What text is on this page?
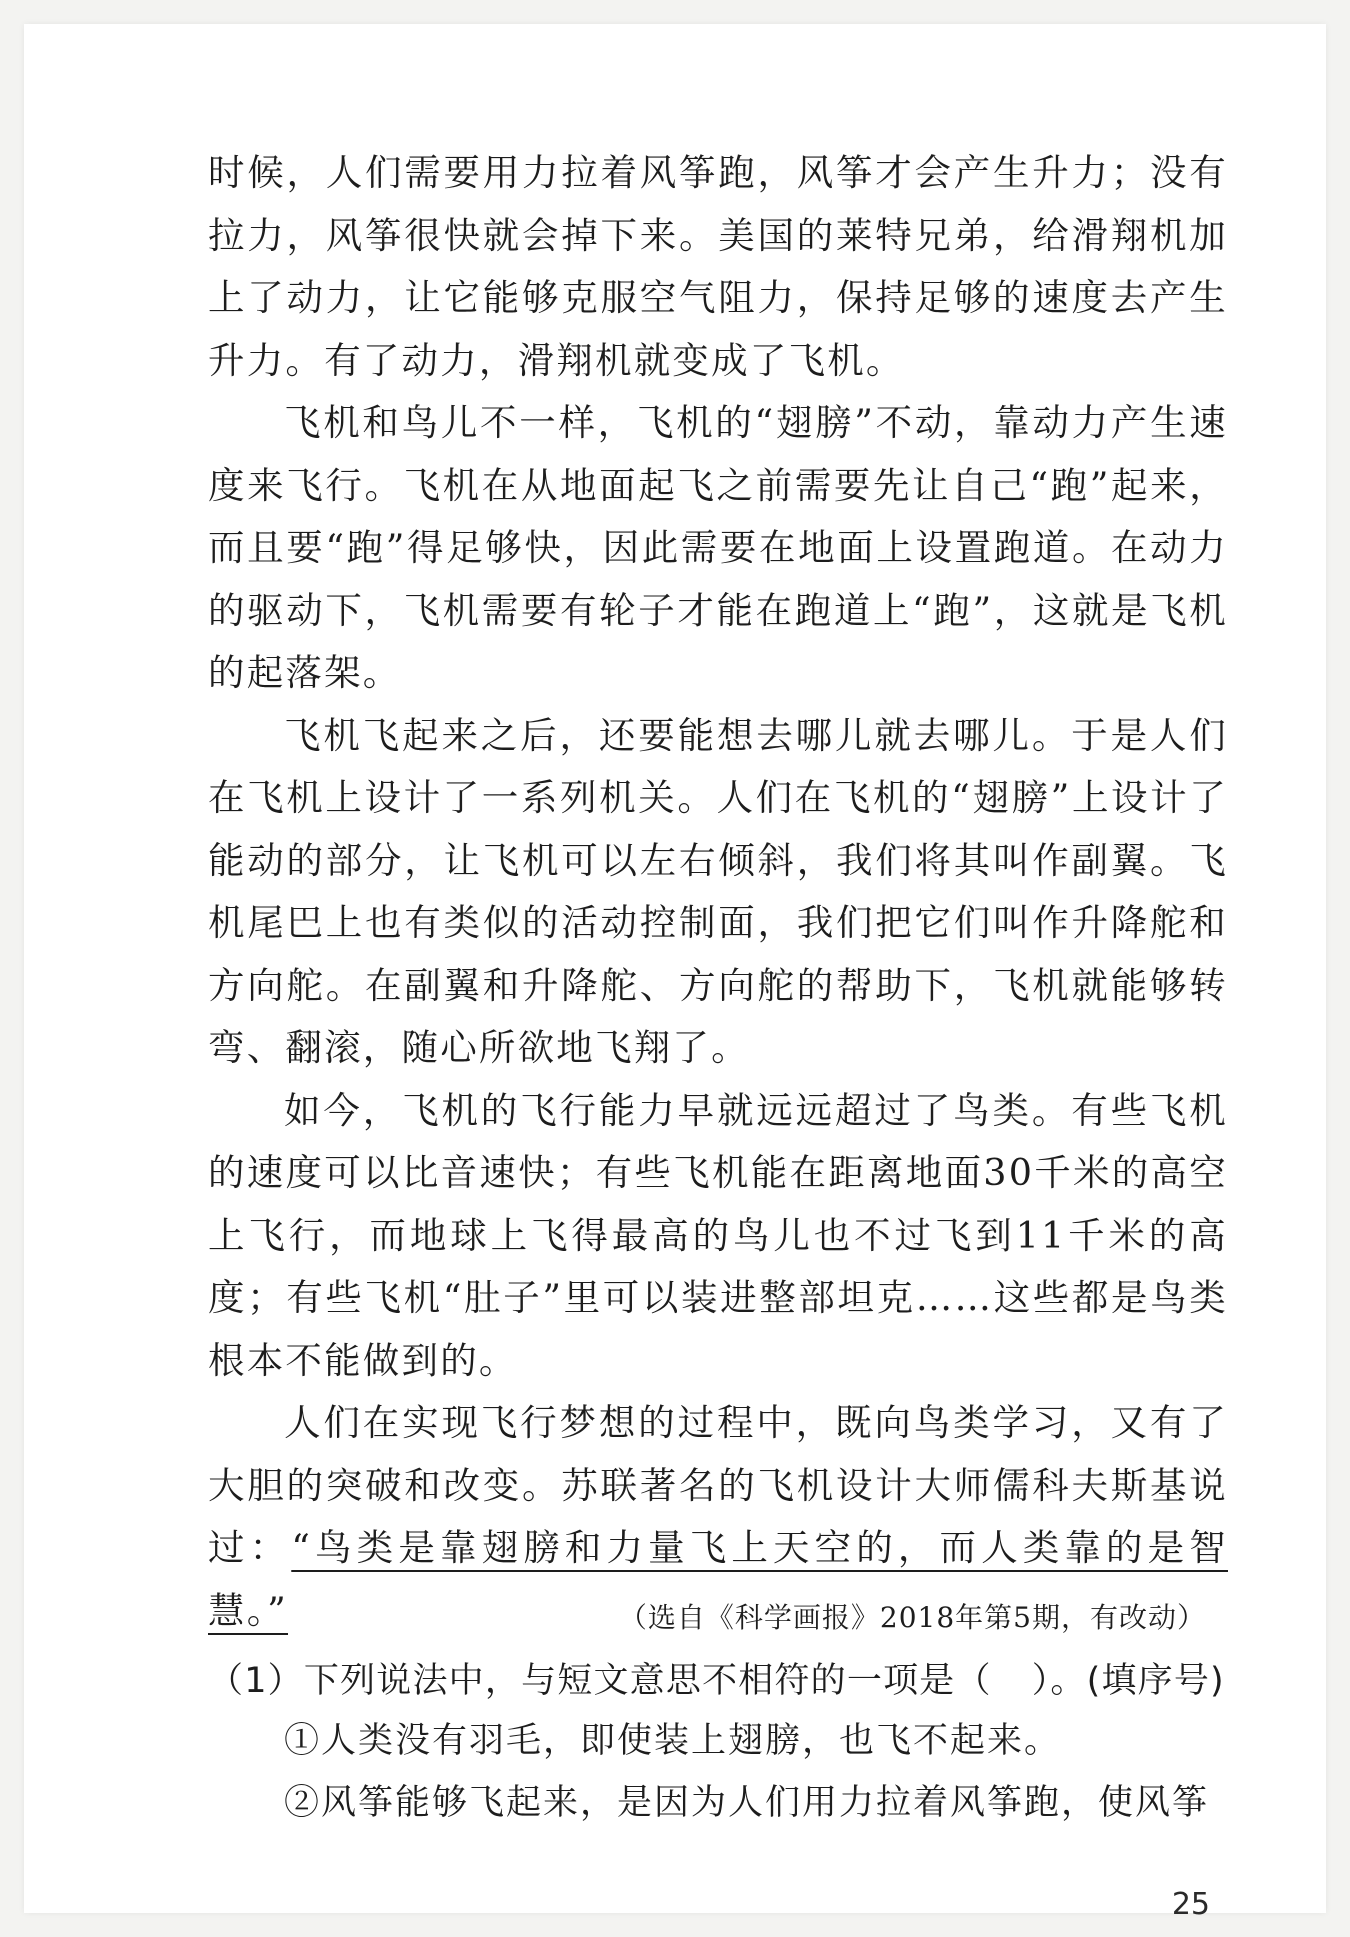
时候，人们需要用力拉着风筝跑，风筝才会产生升力；没有拉力，风筝很快就会掉下来。美国的莱特兄弟，给滑翔机加上了动力，让它能够克服空气阻力，保持足够的速度去产生升力。有了动力，滑翔机就变成了飞机。

飞机和鸟儿不一样，飞机的“翅膀”不动，靠动力产生速度来飞行。飞机在从地面起飞之前需要先让自己“跑”起来，而且要“跑”得足够快，因此需要在地面上设置跑道。在动力的驱动下，飞机需要有轮子才能在跑道上“跑”，这就是飞机的起落架。

飞机飞起来之后，还要能想去哪儿就去哪儿。于是人们在飞机上设计了一系列机关。人们在飞机的“翅膀”上设计了能动的部分，让飞机可以左右倾斜，我们将其叫作副翼。飞机尾巴上也有类似的活动控制面，我们把它们叫作升降舵和方向舵。在副翼和升降舵、方向舵的帮助下，飞机就能够转弯、翻滚，随心所欲地飞翔了。

如今，飞机的飞行能力早就远远超过了鸟类。有些飞机的速度可以比音速快；有些飞机能在距离地面30千米的高空上飞行，而地球上飞得最高的鸟儿也不过飞到11千米的高度；有些飞机“肚子”里可以装进整部坦克……这些都是鸟类根本不能做到的。

人们在实现飞行梦想的过程中，既向鸟类学习，又有了大胆的突破和改变。苏联著名的飞机设计大师儒科夫斯基说过：“鸟类是靠翅膀和力量飞上天空的，而人类靠的是智慧。”	（选自《科学画报》2018年第5期，有改动）

（1）下列说法中，与短文意思不相符的一项是（ ）。(填序号)

①人类没有羽毛，即使装上翅膀，也飞不起来。

②风筝能够飞起来，是因为人们用力拉着风筝跑，使风筝

25
